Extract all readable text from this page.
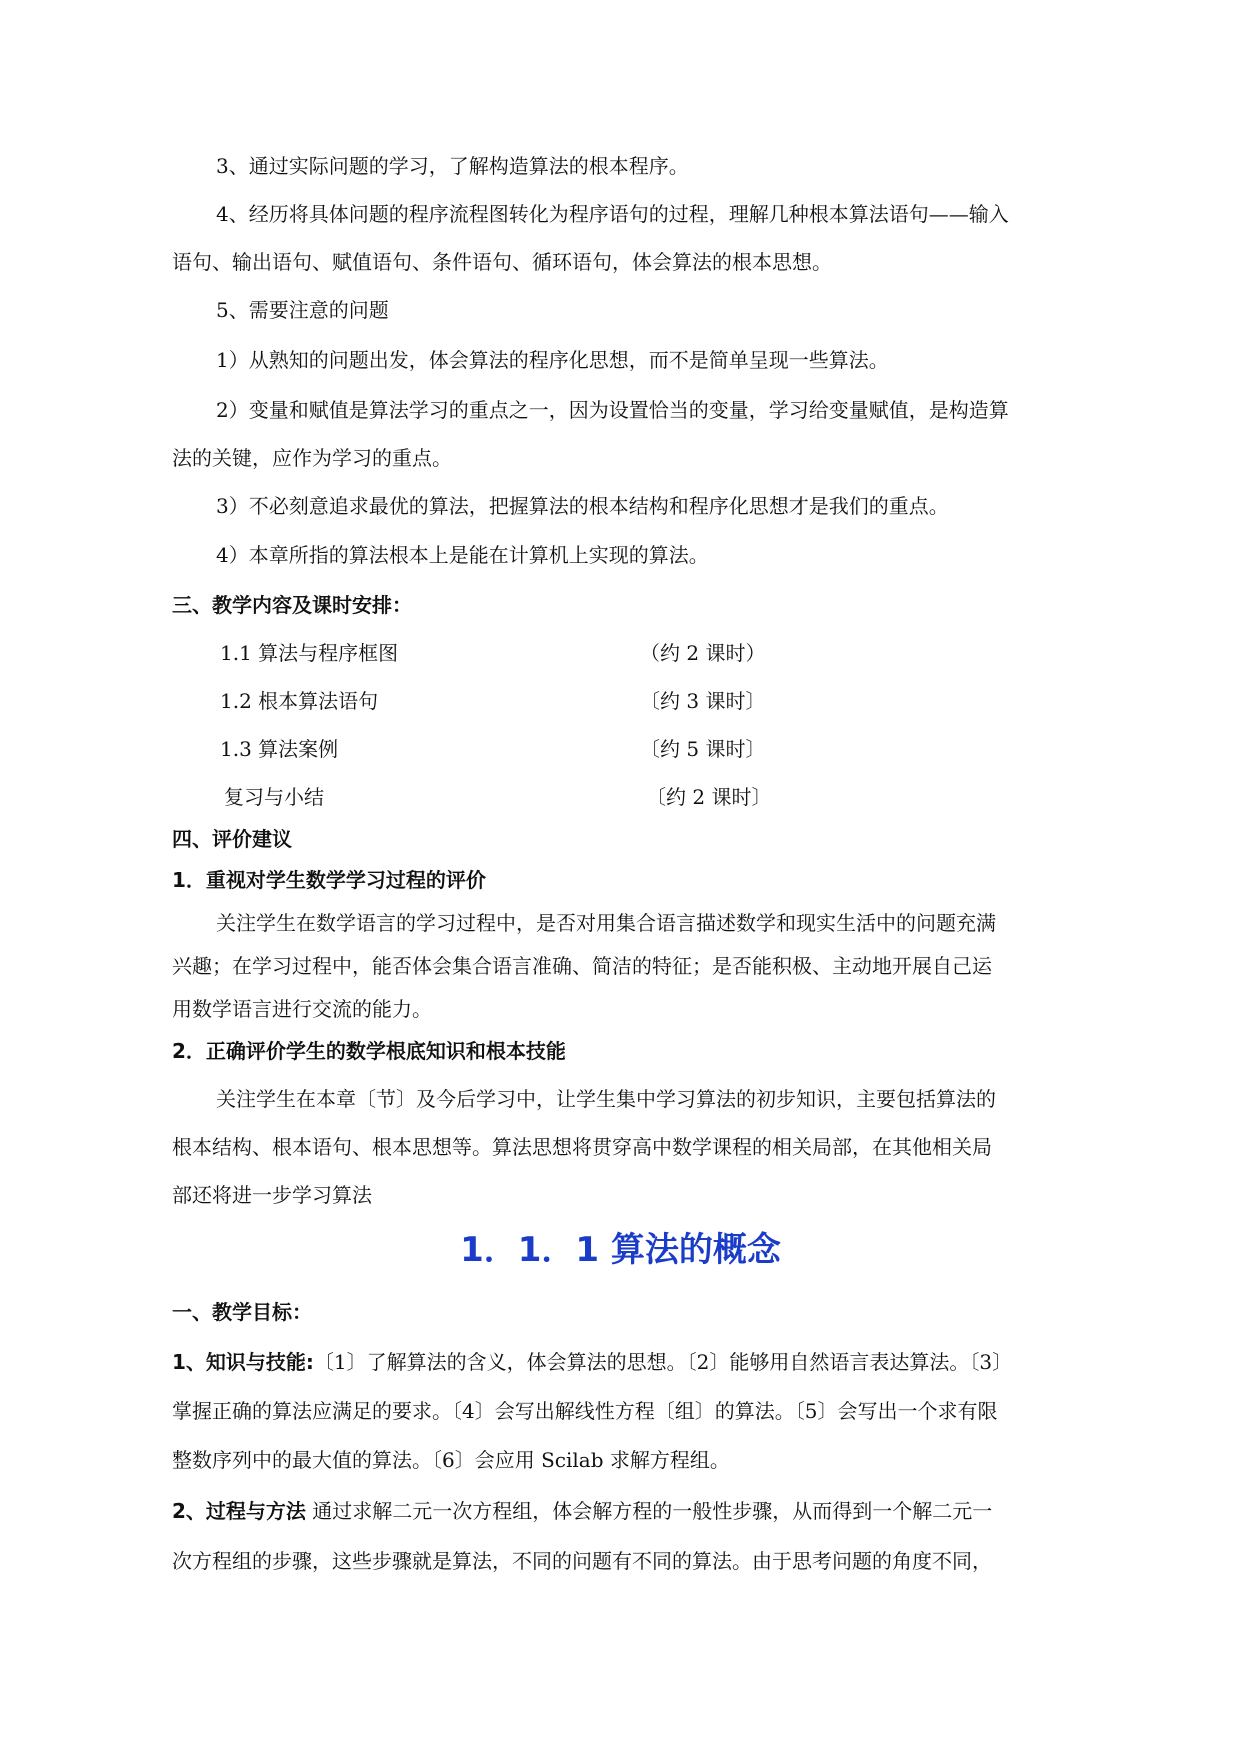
3、通过实际问题的学习，了解构造算法的根本程序。
4、经历将具体问题的程序流程图转化为程序语句的过程，理解几种根本算法语句——输入
语句、输出语句、赋值语句、条件语句、循环语句，体会算法的根本思想。
5、需要注意的问题
1）从熟知的问题出发，体会算法的程序化思想，而不是简单呈现一些算法。
2）变量和赋值是算法学习的重点之一，因为设置恰当的变量，学习给变量赋值，是构造算
法的关键，应作为学习的重点。
3）不必刻意追求最优的算法，把握算法的根本结构和程序化思想才是我们的重点。
4）本章所指的算法根本上是能在计算机上实现的算法。
三、教学内容及课时安排：
1.1 算法与程序框图	（约 2 课时）
1.2 根本算法语句	〔约 3 课时〕
1.3 算法案例	〔约 5 课时〕
复习与小结	〔约 2 课时〕
四、评价建议
1．重视对学生数学学习过程的评价
关注学生在数学语言的学习过程中，是否对用集合语言描述数学和现实生活中的问题充满
兴趣；在学习过程中，能否体会集合语言准确、简洁的特征；是否能积极、主动地开展自己运
用数学语言进行交流的能力。
2．正确评价学生的数学根底知识和根本技能
关注学生在本章〔节〕及今后学习中，让学生集中学习算法的初步知识，主要包括算法的
根本结构、根本语句、根本思想等。算法思想将贯穿高中数学课程的相关局部，在其他相关局
部还将进一步学习算法
1．1．1 算法的概念
一、教学目标：
1、知识与技能:〔1〕了解算法的含义，体会算法的思想。〔2〕能够用自然语言表达算法。〔3〕
掌握正确的算法应满足的要求。〔4〕会写出解线性方程〔组〕的算法。〔5〕会写出一个求有限
整数序列中的最大值的算法。〔6〕会应用 Scilab 求解方程组。
2、过程与方法 通过求解二元一次方程组，体会解方程的一般性步骤，从而得到一个解二元一
次方程组的步骤，这些步骤就是算法，不同的问题有不同的算法。由于思考问题的角度不同，
